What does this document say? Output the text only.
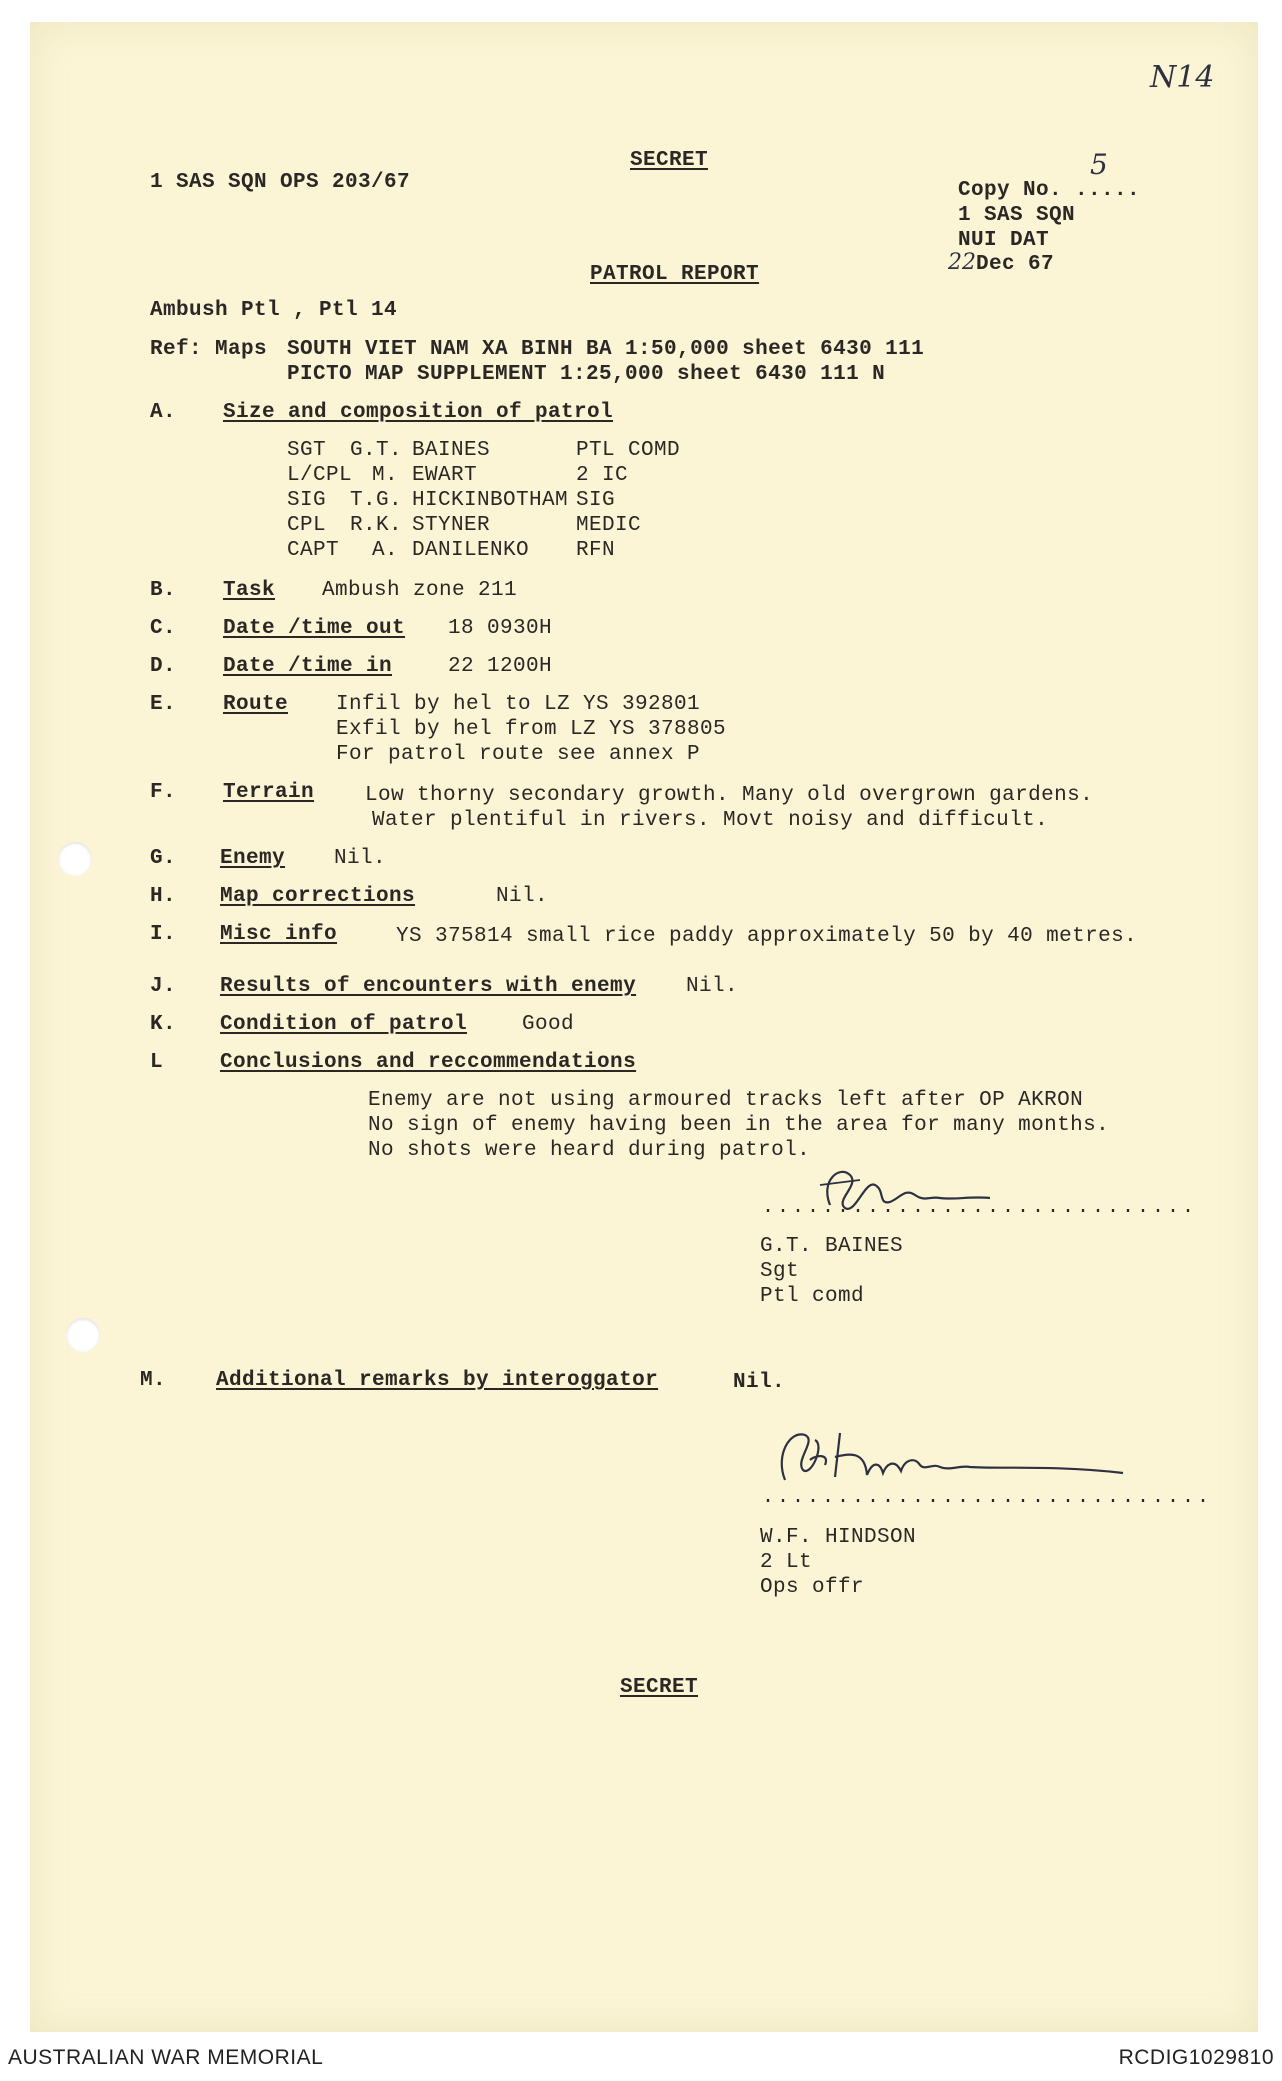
N14
1 SAS SQN OPS 203/67
SECRET
Copy No. .....
5
1 SAS SQN
NUI DAT
22Dec 67
PATROL REPORT
Ambush Ptl , Ptl 14
Ref: Maps SOUTH VIET NAM XA BINH BA 1:50,000 sheet 6430 111
PICTO MAP SUPPLEMENT 1:25,000 sheet 6430 111 N
A. Size and composition of patrol
SGT G.T. BAINES	PTL COMD
L/CPL M. EWART	2 IC
SIG T.G. HICKINBOTHAM SIG
CPL R.K. STYNER	MEDIC
CAPT A. DANILENKO RFN
B. Task Ambush zone 211
C. Date /time out 18 0930H
D. Date /time in	22 1200H
E. Route Infil by hel to LZ YS 392801
Exfil by hel from LZ YS 378805
For patrol route see annex P
F. Terrain Low thorny secondary growth. Many old overgrown gardens.
Water plentiful in rivers. Movt noisy and difficult.
G. Enemy Nil.
H. Map corrections	Nil.
I. Misc info	YS 375814 small rice paddy approximately 50 by 40 metres.
J. Results of encounters with enemy Nil.
K. Condition of patrol	Good
L	Conclusions and reccommendations
Enemy are not using armoured tracks left after OP AKRON
No sign of enemy having been in the area for many months.
No shots were heard during patrol.
.............................
G.T. BAINES
Sgt
Ptl comd
M. Additional remarks by interoggator	Nil.
..............................
W.F. HINDSON
2 Lt
Ops offr
SECRET
AUSTRALIAN WAR MEMORIAL	RCDIG1029810
